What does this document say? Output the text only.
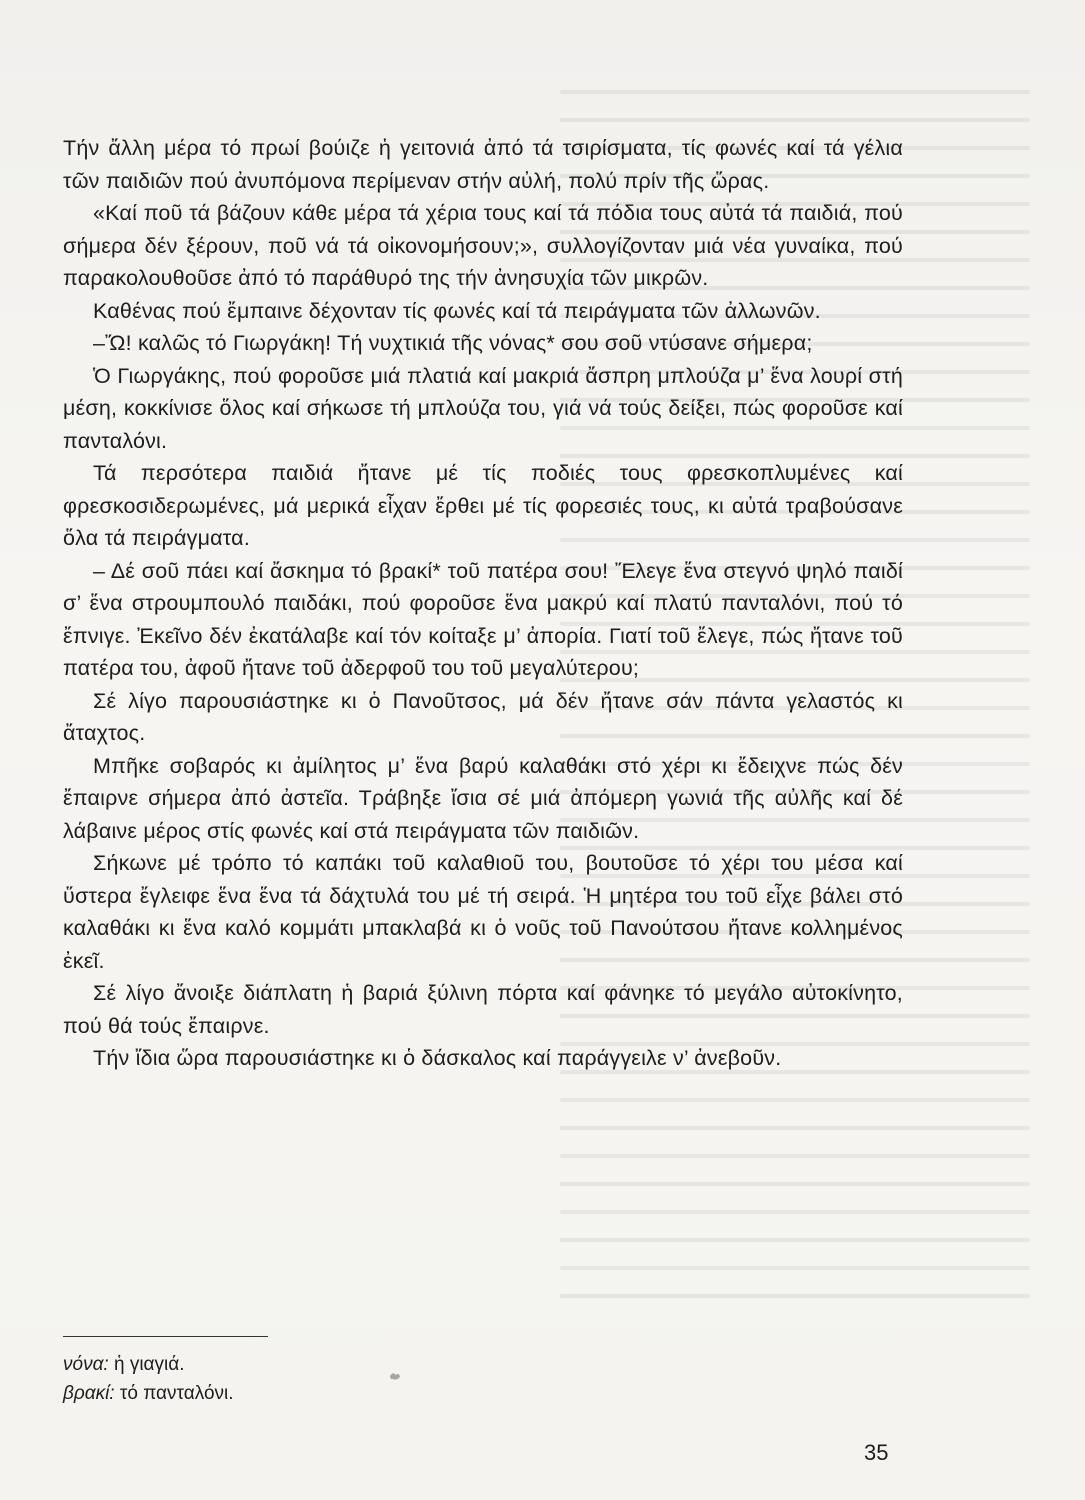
Τήν ἄλλη μέρα τό πρωί βούιζε ἡ γειτονιά ἀπό τά τσιρίσματα, τίς φωνές καί τά γέλια τῶν παιδιῶν πού ἀνυπόμονα περίμεναν στήν αὐλή, πολύ πρίν τῆς ὥρας.

«Καί ποῦ τά βάζουν κάθε μέρα τά χέρια τους καί τά πόδια τους αὐτά τά παιδιά, πού σήμερα δέν ξέρουν, ποῦ νά τά οἰκονομήσουν;», συλλογίζονταν μιά νέα γυναίκα, πού παρακολουθοῦσε ἀπό τό παράθυρό της τήν ἀνησυχία τῶν μικρῶν.

Καθένας πού ἔμπαινε δέχονταν τίς φωνές καί τά πειράγματα τῶν ἀλλωνῶν.

–Ὤ! καλῶς τό Γιωργάκη! Τή νυχτικιά τῆς νόνας* σου σοῦ ντύσανε σήμερα;

Ὁ Γιωργάκης, πού φοροῦσε μιά πλατιά καί μακριά ἄσπρη μπλούζα μ’ ἕνα λουρί στή μέση, κοκκίνισε ὅλος καί σήκωσε τή μπλούζα του, γιά νά τούς δείξει, πώς φοροῦσε καί πανταλόνι.

Τά περσότερα παιδιά ἤτανε μέ τίς ποδιές τους φρεσκοπλυμένες καί φρεσκοσιδερωμένες, μά μερικά εἶχαν ἔρθει μέ τίς φορεσιές τους, κι αὐτά τραβούσανε ὅλα τά πειράγματα.

– Δέ σοῦ πάει καί ἄσκημα τό βρακί* τοῦ πατέρα σου! Ἔλεγε ἕνα στεγνό ψηλό παιδί σ’ ἕνα στρουμπουλό παιδάκι, πού φοροῦσε ἕνα μακρύ καί πλατύ πανταλόνι, πού τό ἔπνιγε. Ἐκεῖνο δέν ἐκατάλαβε καί τόν κοίταξε μ’ ἀπορία. Γιατί τοῦ ἔλεγε, πώς ἤτανε τοῦ πατέρα του, ἀφοῦ ἤτανε τοῦ ἀδερφοῦ του τοῦ μεγαλύτερου;

Σέ λίγο παρουσιάστηκε κι ὁ Πανοῦτσος, μά δέν ἤτανε σάν πάντα γελαστός κι ἄταχτος.

Μπῆκε σοβαρός κι ἀμίλητος μ’ ἕνα βαρύ καλαθάκι στό χέρι κι ἔδειχνε πώς δέν ἔπαιρνε σήμερα ἀπό ἀστεῖα. Τράβηξε ἴσια σέ μιά ἀπόμερη γωνιά τῆς αὐλῆς καί δέ λάβαινε μέρος στίς φωνές καί στά πειράγματα τῶν παιδιῶν.

Σήκωνε μέ τρόπο τό καπάκι τοῦ καλαθιοῦ του, βουτοῦσε τό χέρι του μέσα καί ὕστερα ἔγλειφε ἕνα ἕνα τά δάχτυλά του μέ τή σειρά. Ἡ μητέρα του τοῦ εἶχε βάλει στό καλαθάκι κι ἕνα καλό κομμάτι μπακλαβά κι ὁ νοῦς τοῦ Πανούτσου ἤτανε κολλημένος ἐκεῖ.

Σέ λίγο ἄνοιξε διάπλατη ἡ βαριά ξύλινη πόρτα καί φάνηκε τό μεγάλο αὐτοκίνητο, πού θά τούς ἔπαιρνε.

Τήν ἴδια ὥρα παρουσιάστηκε κι ὁ δάσκαλος καί παράγγειλε ν’ ἀνεβοῦν.

νόνα: ἡ γιαγιά.
βρακί: τό πανταλόνι.
35
